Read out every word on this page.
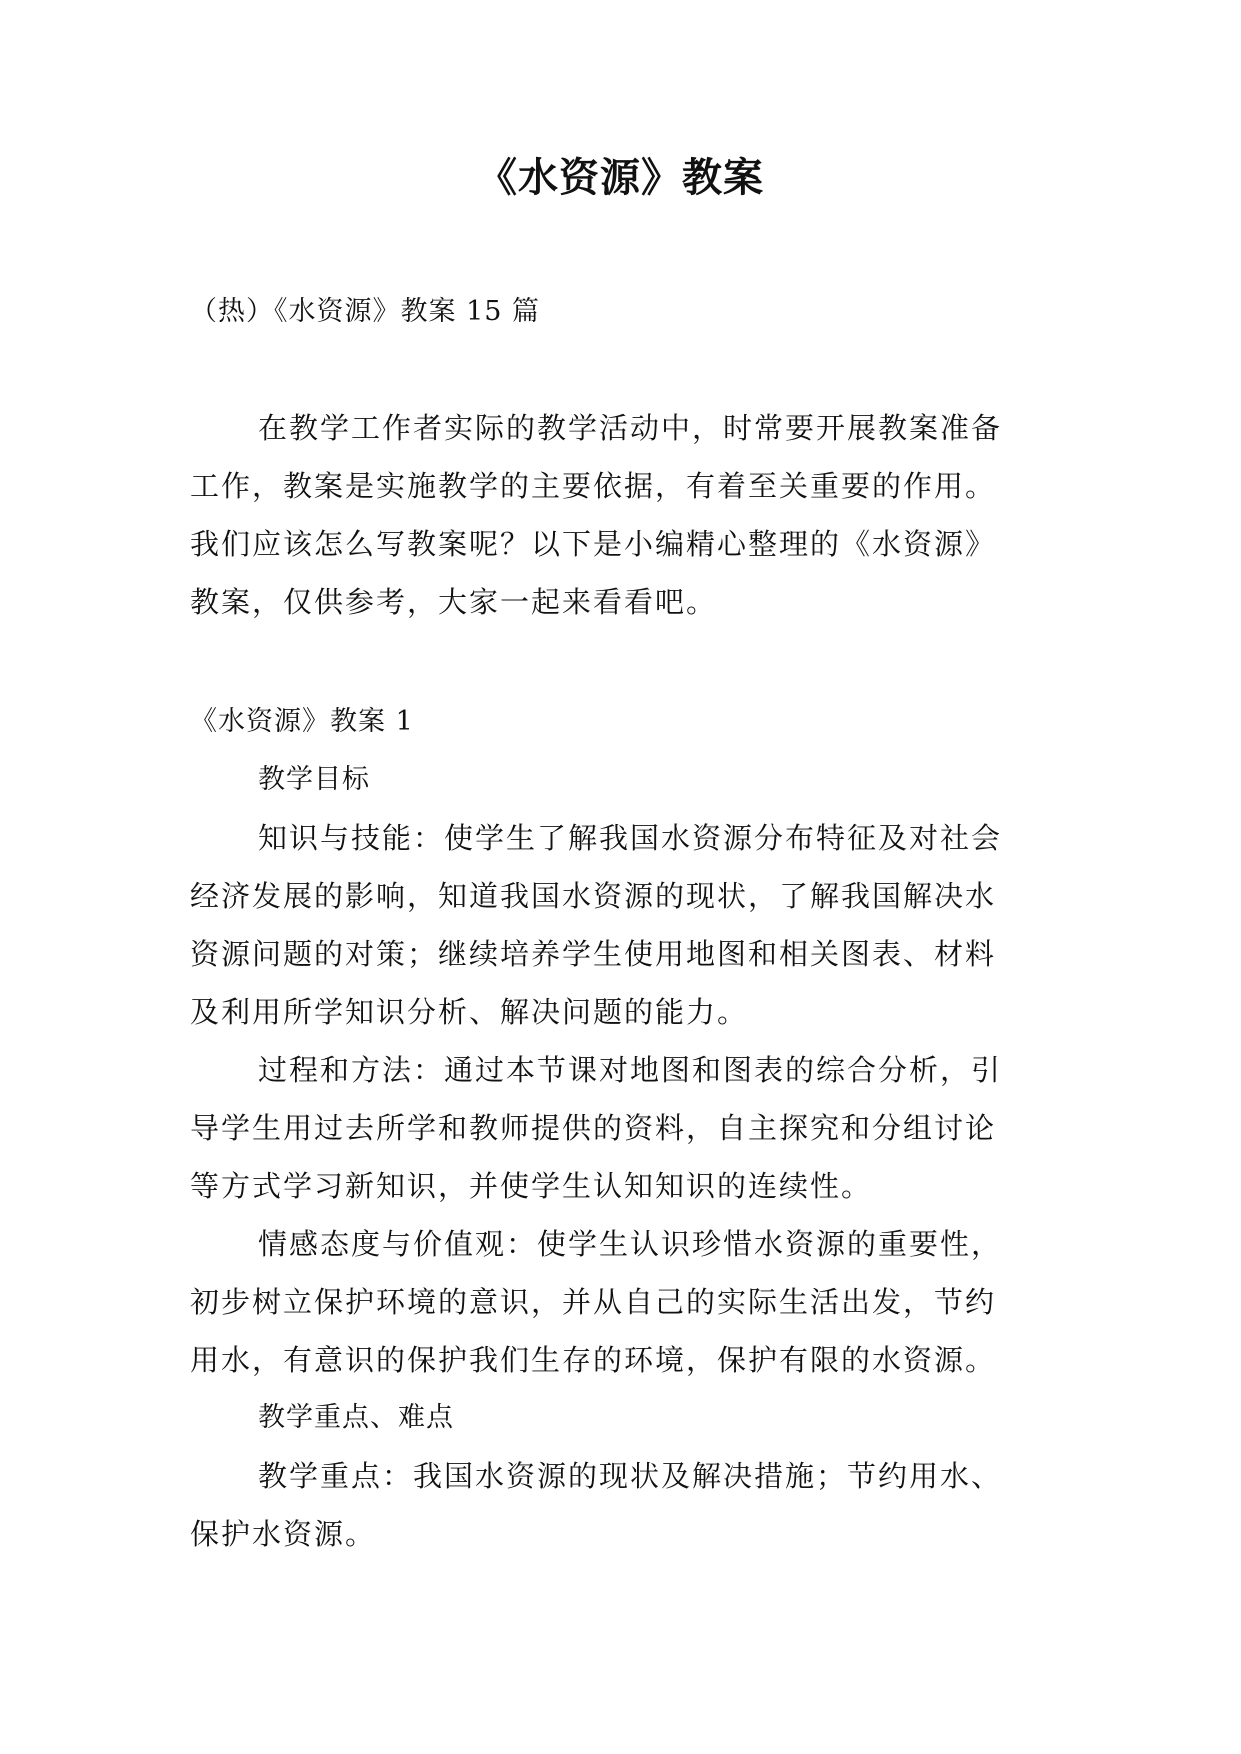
《水资源》教案
（热）《水资源》教案 15 篇
在教学工作者实际的教学活动中，时常要开展教案准备
工作，教案是实施教学的主要依据，有着至关重要的作用。
我们应该怎么写教案呢？以下是小编精心整理的《水资源》
教案，仅供参考，大家一起来看看吧。
《水资源》教案 1
教学目标
知识与技能：使学生了解我国水资源分布特征及对社会
经济发展的影响，知道我国水资源的现状，了解我国解决水
资源问题的对策；继续培养学生使用地图和相关图表、材料
及利用所学知识分析、解决问题的能力。
过程和方法：通过本节课对地图和图表的综合分析，引
导学生用过去所学和教师提供的资料，自主探究和分组讨论
等方式学习新知识，并使学生认知知识的连续性。
情感态度与价值观：使学生认识珍惜水资源的重要性，
初步树立保护环境的意识，并从自己的实际生活出发，节约
用水，有意识的保护我们生存的环境，保护有限的水资源。
教学重点、难点
教学重点：我国水资源的现状及解决措施；节约用水、
保护水资源。
